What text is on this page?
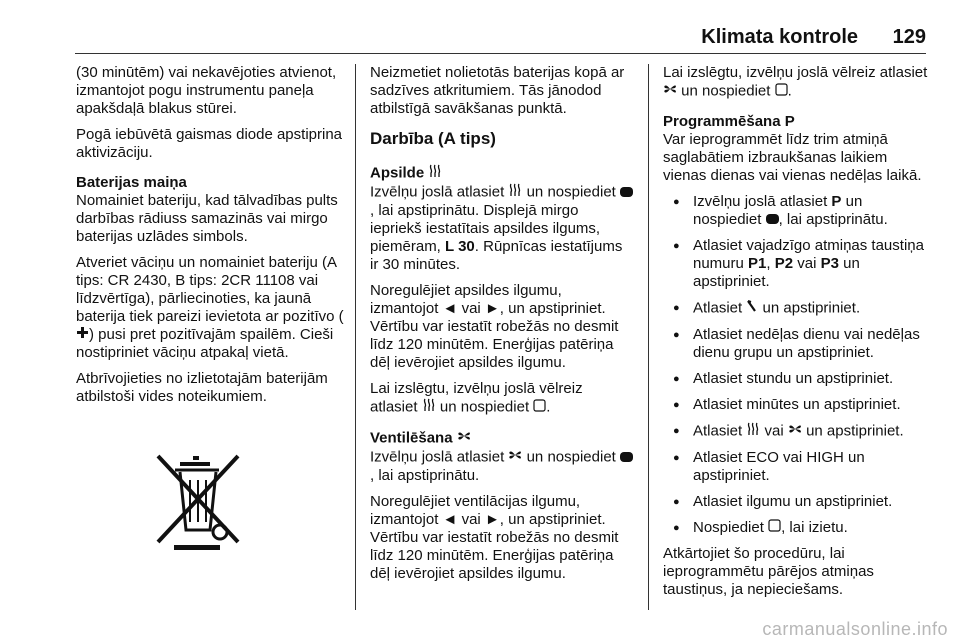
Klimata kontrole 129

(30 minūtēm) vai nekavējoties atvienot, izmantojot pogu instrumentu paneļa apakšdaļā blakus stūrei.

Pogā iebūvētā gaismas diode apstiprina aktivizāciju.

Baterijas maiņa

Nomainiet bateriju, kad tālvadības pults darbības rādiuss samazinās vai mirgo baterijas uzlādes simbols.

Atveriet vāciņu un nomainiet bateriju (A tips: CR 2430, B tips: 2CR 11108 vai līdzvērtīga), pārliecinoties, ka jaunā baterija tiek pareizi ievietota ar pozitīvo () pusi pret pozitīvajām spailēm. Cieši nostipriniet vāciņu atpakaļ vietā.

Atbrīvojieties no izlietotajām baterijām atbilstoši vides noteikumiem.

Neizmetiet nolietotās baterijas kopā ar sadzīves atkritumiem. Tās jānodod atbilstīgā savākšanas punktā.

Darbība (A tips)
Apsilde

Izvēlņu joslā atlasiet un nospiediet , lai apstiprinātu. Displejā mirgo iepriekš iestatītais apsildes ilgums, piemēram, L 30. Rūpnīcas iestatījums ir 30 minūtes.

Noregulējiet apsildes ilgumu, izmantojot ◄ vai ►, un apstipriniet.
Vērtību var iestatīt robežās no desmit līdz 120 minūtēm. Enerģijas patēriņa dēļ ievērojiet apsildes ilgumu.

Lai izslēgtu, izvēlņu joslā vēlreiz atlasiet un nospiediet .

Ventilēšana

Izvēlņu joslā atlasiet un nospiediet , lai apstiprinātu.

Noregulējiet ventilācijas ilgumu, izmantojot ◄ vai ►, un apstipriniet.
Vērtību var iestatīt robežās no desmit līdz 120 minūtēm. Enerģijas patēriņa dēļ ievērojiet apsildes ilgumu.

Lai izslēgtu, izvēlņu joslā vēlreiz atlasiet  un nospiediet .

Programmēšana P

Var ieprogrammēt līdz trim atmiņā saglabātiem izbraukšanas laikiem vienas dienas vai vienas nedēļas laikā.

● Izvēlņu joslā atlasiet P un nospiediet , lai apstiprinātu.
● Atlasiet vajadzīgo atmiņas taustiņa numuru P1, P2 vai P3 un apstipriniet.
● Atlasiet un apstipriniet.
● Atlasiet nedēļas dienu vai nedēļas dienu grupu un apstipriniet.
● Atlasiet stundu un apstipriniet.
● Atlasiet minūtes un apstipriniet.
● Atlasiet vai un apstipriniet.
● Atlasiet ECO vai HIGH un apstipriniet.
● Atlasiet ilgumu un apstipriniet.
● Nospiediet , lai izietu.

Atkārtojiet šo procedūru, lai ieprogrammētu pārējos atmiņas taustiņus, ja nepieciešams.

carmanualsonline.info
